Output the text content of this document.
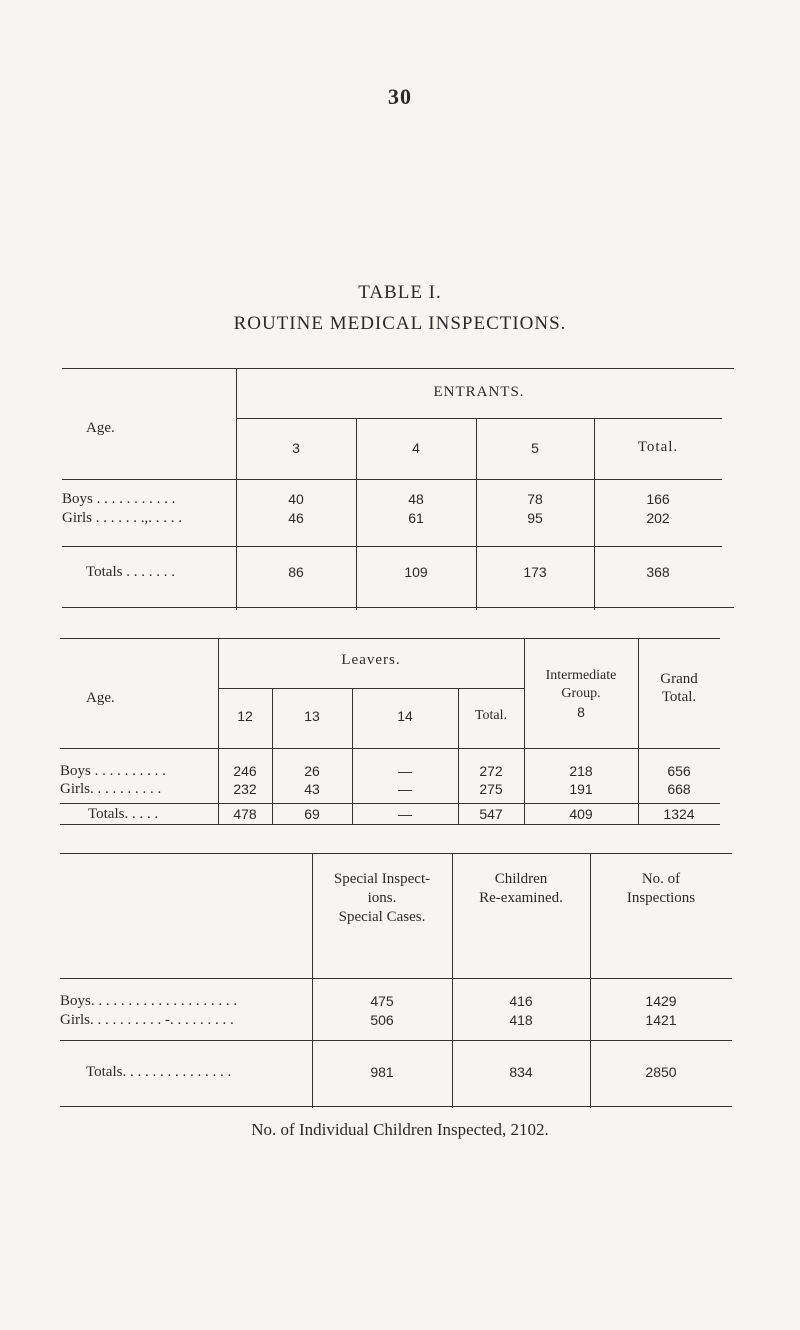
30
TABLE I.
ROUTINE MEDICAL INSPECTIONS.
Age.
ENTRANTS.
3	4	5	Total.
Boys . . . . . . . . . . .	40	48	78	166
Girls . . . . . . .,. . . . .	46	61	95	202
Totals . . . . . . .	86	109	173	368
Age.
Leavers.
Intermediate
Group.
8
Grand
Total.
12	13	14	Total.
Boys . . . . . . . . . .	246	26	—	272	218	656
Girls. . . . . . . . . .	232	43	—	275	191	668
Totals. . . . .	478	69	—	547	409	1324
Special Inspect-
ions.
Special Cases.
Children
Re-examined.
No. of
Inspections
Boys. . . . . . . . . . . . . . . . . . . .	475	416	1429
Girls. . . . . . . . . . -. . . . . . . . .	506	418	1421
Totals. . . . . . . . . . . . . . .	981	834	2850
No. of Individual Children Inspected, 2102.
